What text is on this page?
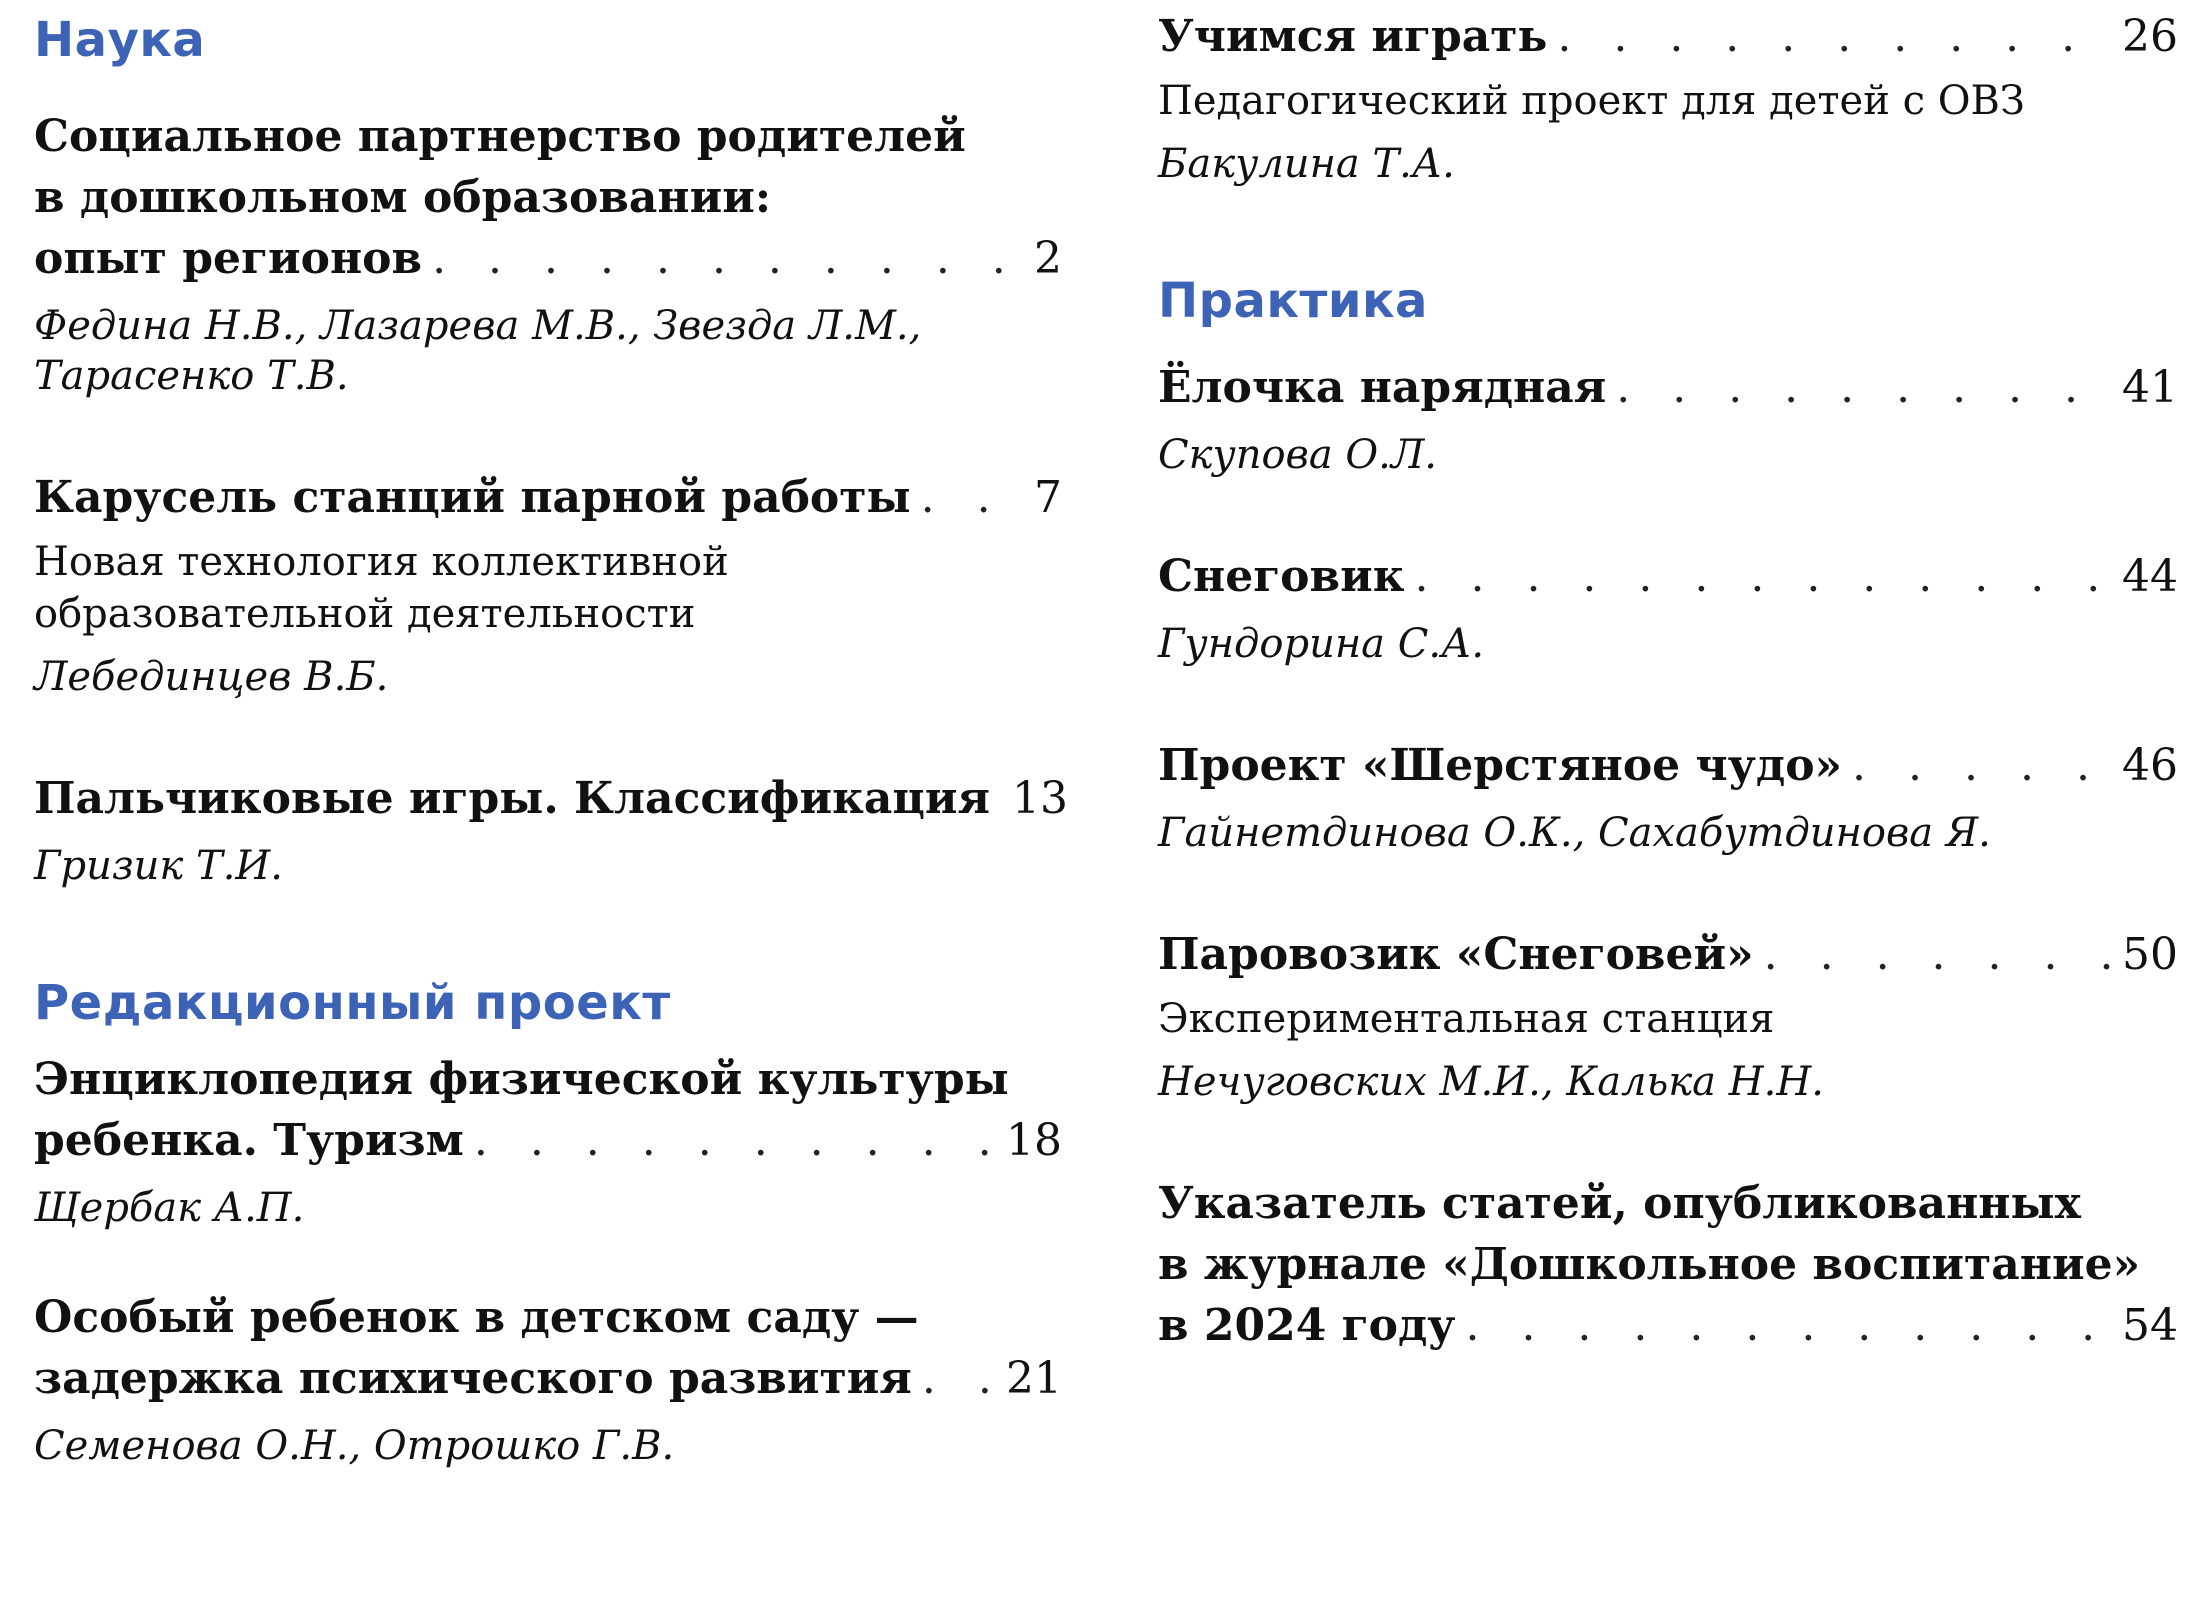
Наука
Социальное партнерство родителей
в дошкольном образовании:
опыт регионов . . .	2
Федина Н.В., Лазарева М.В., Звезда Л.М.,
Тарасенко Т.В.
Карусель станций парной работы . . .	7
Новая технология коллективной
образовательной деятельности
Лебединцев В.Б.
Пальчиковые игры. Классификация . . . 13
Гризик Т.И.
Редакционный проект
Энциклопедия физической культуры
ребенка. Туризм . . .	18
Щербак А.П.
Особый ребенок в детском саду —
задержка психического развития . . . 21
Семенова О.Н., Отрошко Г.В.
Учимся играть . . .	26
Педагогический проект для детей с ОВЗ
Бакулина Т.А.
Практика
Ёлочка нарядная . . .	41
Скупова О.Л.
Снеговик . . .	44
Гундорина С.А.
Проект «Шерстяное чудо» . . .	46
Гайнетдинова О.К., Сахабутдинова Я.
Паровозик «Снеговей» . . .	50
Экспериментальная станция
Нечуговских М.И., Калька Н.Н.
Указатель статей, опубликованных
в журнале «Дошкольное воспитание»
в 2024 году . . .	54
